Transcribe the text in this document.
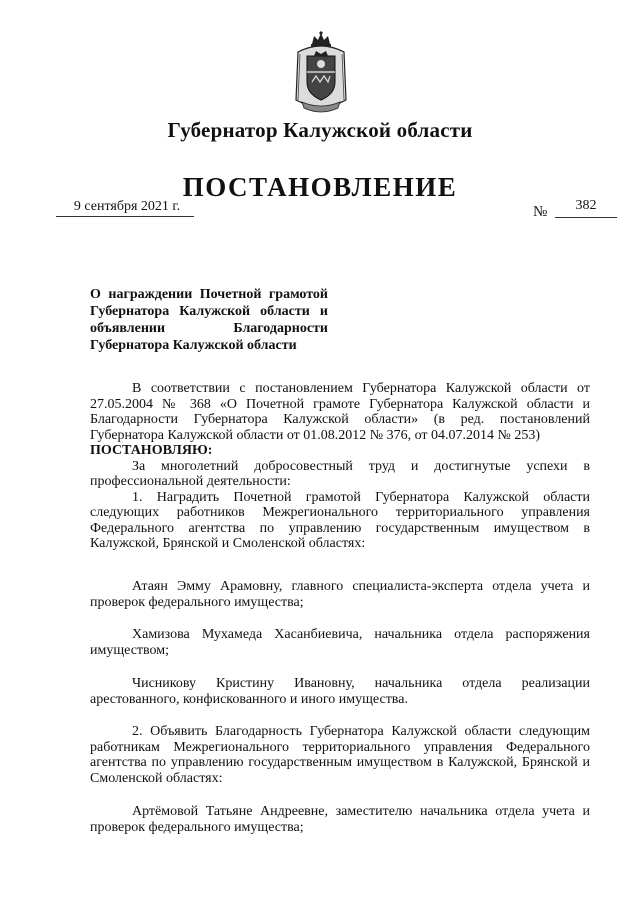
Губернатор Калужской области
ПОСТАНОВЛЕНИЕ
9 сентября 2021 г.	№	382
О награждении Почетной грамотой Губернатора Калужской области и объявлении Благодарности Губернатора Калужской области

В соответствии с постановлением Губернатора Калужской области от 27.05.2004 № 368 «О Почетной грамоте Губернатора Калужской области и Благодарности Губернатора Калужской области» (в ред. постановлений Губернатора Калужской области от 01.08.2012 № 376, от 04.07.2014 № 253)

ПОСТАНОВЛЯЮ:

За многолетний добросовестный труд и достигнутые успехи в профессиональной деятельности:

1. Наградить Почетной грамотой Губернатора Калужской области следующих работников Межрегионального территориального управления Федерального агентства по управлению государственным имуществом в Калужской, Брянской и Смоленской областях:

Атаян Эмму Арамовну, главного специалиста-эксперта отдела учета и проверок федерального имущества;

Хамизова Мухамеда Хасанбиевича, начальника отдела распоряжения имуществом;

Чисникову Кристину Ивановну, начальника отдела реализации арестованного, конфискованного и иного имущества.

2. Объявить Благодарность Губернатора Калужской области следующим работникам Межрегионального территориального управления Федерального агентства по управлению государственным имуществом в Калужской, Брянской и Смоленской областях:

Артёмовой Татьяне Андреевне, заместителю начальника отдела учета и проверок федерального имущества;
